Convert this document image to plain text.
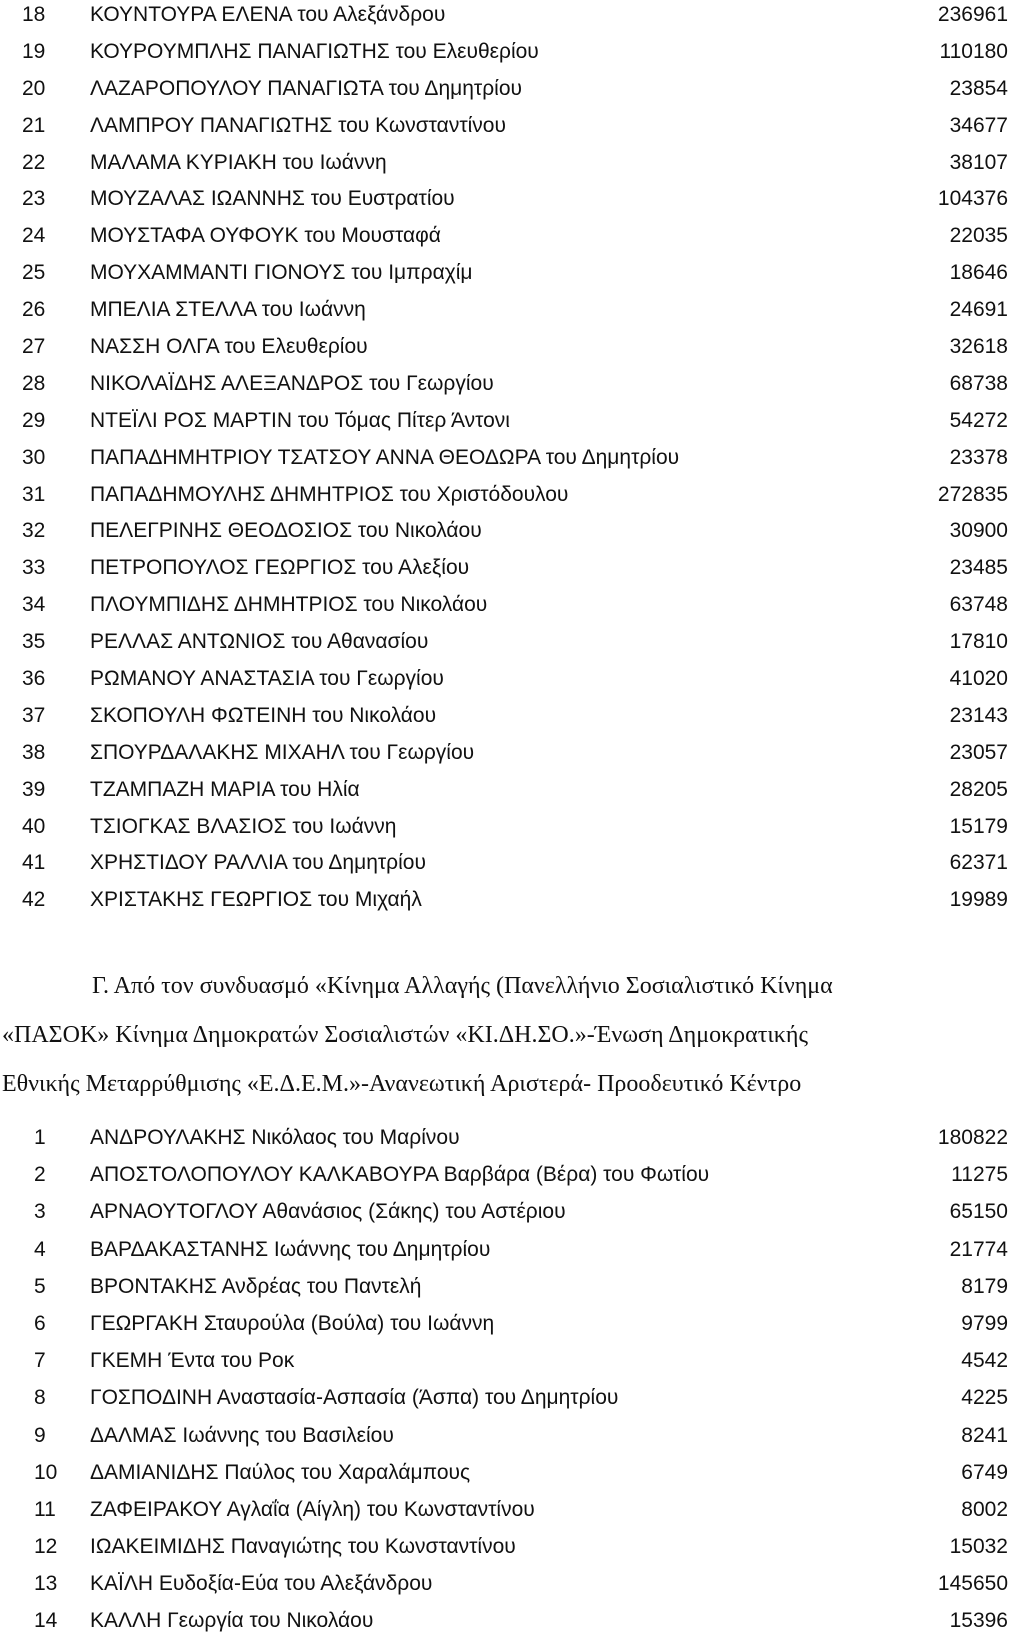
18	ΚΟΥΝΤΟΥΡΑ ΕΛΕΝΑ του Αλεξάνδρου	236961
19	ΚΟΥΡΟΥΜΠΛΗΣ ΠΑΝΑΓΙΩΤΗΣ του Ελευθερίου	110180
20	ΛΑΖΑΡΟΠΟΥΛΟΥ ΠΑΝΑΓΙΩΤΑ του Δημητρίου	23854
21	ΛΑΜΠΡΟΥ ΠΑΝΑΓΙΩΤΗΣ του Κωνσταντίνου	34677
22	ΜΑΛΑΜΑ ΚΥΡΙΑΚΗ του Ιωάννη	38107
23	ΜΟΥΖΑΛΑΣ ΙΩΑΝΝΗΣ του Ευστρατίου	104376
24	ΜΟΥΣΤΑΦΑ ΟΥΦΟΥΚ του Μουσταφά	22035
25	ΜΟΥΧΑΜΜΑΝΤΙ ΓΙΟΝΟΥΣ του Ιμπραχίμ	18646
26	ΜΠΕΛΙΑ ΣΤΕΛΛΑ του Ιωάννη	24691
27	ΝΑΣΣΗ ΟΛΓΑ του Ελευθερίου	32618
28	ΝΙΚΟΛΑΪΔΗΣ ΑΛΕΞΑΝΔΡΟΣ του Γεωργίου	68738
29	ΝΤΕΪΛΙ ΡΟΣ ΜΑΡΤΙΝ του Τόμας Πίτερ Άντονι	54272
30	ΠΑΠΑΔΗΜΗΤΡΙΟΥ ΤΣΑΤΣΟΥ ΑΝΝΑ ΘΕΟΔΩΡΑ του Δημητρίου	23378
31	ΠΑΠΑΔΗΜΟΥΛΗΣ ΔΗΜΗΤΡΙΟΣ του Χριστόδουλου	272835
32	ΠΕΛΕΓΡΙΝΗΣ ΘΕΟΔΟΣΙΟΣ του Νικολάου	30900
33	ΠΕΤΡΟΠΟΥΛΟΣ ΓΕΩΡΓΙΟΣ του Αλεξίου	23485
34	ΠΛΟΥΜΠΙΔΗΣ ΔΗΜΗΤΡΙΟΣ του Νικολάου	63748
35	ΡΕΛΛΑΣ ΑΝΤΩΝΙΟΣ του Αθανασίου	17810
36	ΡΩΜΑΝΟΥ ΑΝΑΣΤΑΣΙΑ του Γεωργίου	41020
37	ΣΚΟΠΟΥΛΗ ΦΩΤΕΙΝΗ του Νικολάου	23143
38	ΣΠΟΥΡΔΑΛΑΚΗΣ ΜΙΧΑΗΛ του Γεωργίου	23057
39	ΤΖΑΜΠΑΖΗ ΜΑΡΙΑ του Ηλία	28205
40	ΤΣΙΟΓΚΑΣ ΒΛΑΣΙΟΣ του Ιωάννη	15179
41	ΧΡΗΣΤΙΔΟΥ ΡΑΛΛΙΑ του Δημητρίου	62371
42	ΧΡΙΣΤΑΚΗΣ ΓΕΩΡΓΙΟΣ του Μιχαήλ	19989
Γ. Από τον συνδυασμό «Κίνημα Αλλαγής (Πανελλήνιο Σοσιαλιστικό Κίνημα
«ΠΑΣΟΚ» Κίνημα Δημοκρατών Σοσιαλιστών «ΚΙ.ΔΗ.ΣΟ.»-Ένωση Δημοκρατικής
Εθνικής Μεταρρύθμισης «Ε.Δ.Ε.Μ.»-Ανανεωτική Αριστερά- Προοδευτικό Κέντρο
1	ΑΝΔΡΟΥΛΑΚΗΣ Νικόλαος του Μαρίνου	180822
2	ΑΠΟΣΤΟΛΟΠΟΥΛΟΥ ΚΑΛΚΑΒΟΥΡΑ Βαρβάρα (Βέρα) του Φωτίου	11275
3	ΑΡΝΑΟΥΤΟΓΛΟΥ Αθανάσιος (Σάκης) του Αστέριου	65150
4	ΒΑΡΔΑΚΑΣΤΑΝΗΣ Ιωάννης του Δημητρίου	21774
5	ΒΡΟΝΤΑΚΗΣ Ανδρέας του Παντελή	8179
6	ΓΕΩΡΓΑΚΗ Σταυρούλα (Βούλα) του Ιωάννη	9799
7	ΓΚΕΜΗ Έντα του Ροκ	4542
8	ΓΟΣΠΟΔΙΝΗ Αναστασία-Ασπασία (Άσπα) του Δημητρίου	4225
9	ΔΑΛΜΑΣ Ιωάννης του Βασιλείου	8241
10	ΔΑΜΙΑΝΙΔΗΣ Παύλος του Χαραλάμπους	6749
11	ΖΑΦΕΙΡΑΚΟΥ Αγλαΐα (Αίγλη) του Κωνσταντίνου	8002
12	ΙΩΑΚΕΙΜΙΔΗΣ Παναγιώτης του Κωνσταντίνου	15032
13	ΚΑΪΛΗ Ευδοξία-Εύα του Αλεξάνδρου	145650
14	ΚΑΛΛΗ Γεωργία του Νικολάου	15396
